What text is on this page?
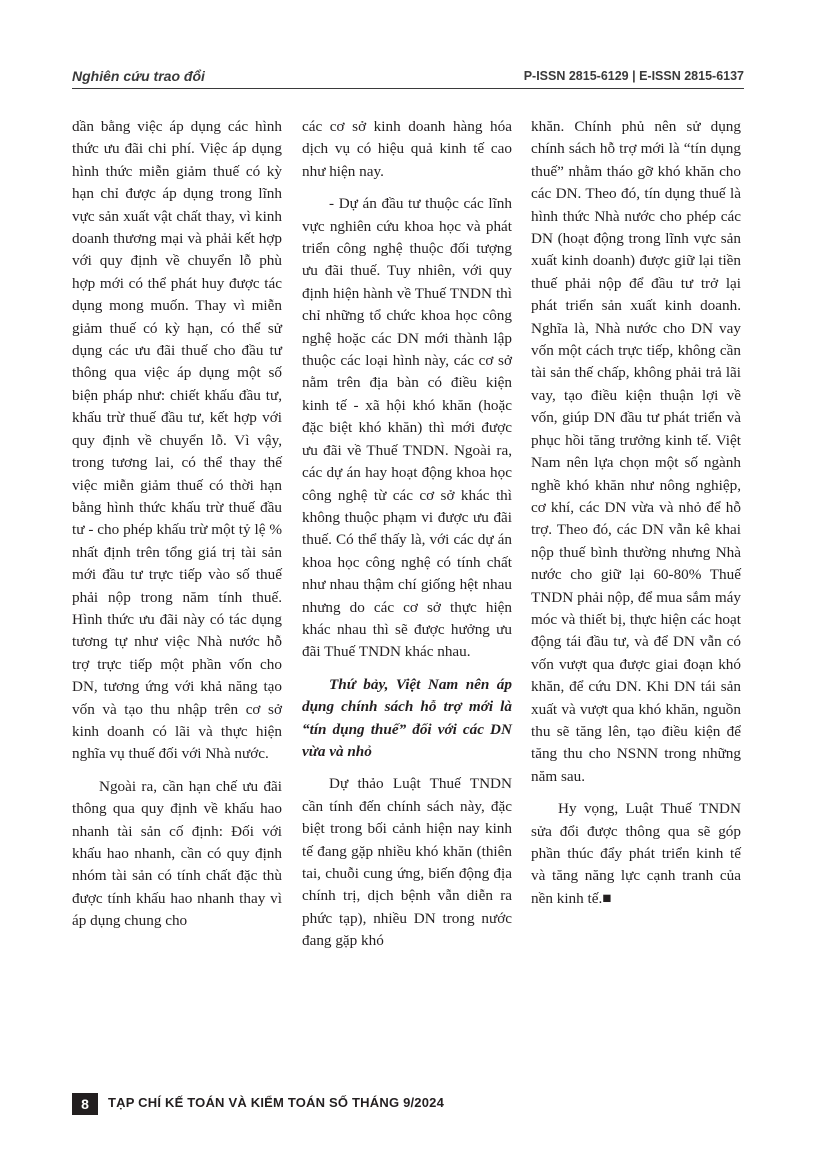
Nghiên cứu trao đổi	P-ISSN 2815-6129 | E-ISSN 2815-6137

dần bằng việc áp dụng các hình thức ưu đãi chi phí. Việc áp dụng hình thức miễn giảm thuế có kỳ hạn chỉ được áp dụng trong lĩnh vực sản xuất vật chất thay, vì kinh doanh thương mại và phải kết hợp với quy định về chuyển lỗ phù hợp mới có thể phát huy được tác dụng mong muốn. Thay vì miễn giảm thuế có kỳ hạn, có thể sử dụng các ưu đãi thuế cho đầu tư thông qua việc áp dụng một số biện pháp như: chiết khấu đầu tư, khấu trừ thuế đầu tư, kết hợp với quy định về chuyển lỗ. Vì vậy, trong tương lai, có thể thay thế việc miễn giảm thuế có thời hạn bằng hình thức khấu trừ thuế đầu tư - cho phép khấu trừ một tỷ lệ % nhất định trên tổng giá trị tài sản mới đầu tư trực tiếp vào số thuế phải nộp trong năm tính thuế. Hình thức ưu đãi này có tác dụng tương tự như việc Nhà nước hỗ trợ trực tiếp một phần vốn cho DN, tương ứng với khả năng tạo vốn và tạo thu nhập trên cơ sở kinh doanh có lãi và thực hiện nghĩa vụ thuế đối với Nhà nước.

Ngoài ra, cần hạn chế ưu đãi thông qua quy định về khấu hao nhanh tài sản cố định: Đối với khấu hao nhanh, cần có quy định nhóm tài sản có tính chất đặc thù được tính khấu hao nhanh thay vì áp dụng chung cho

các cơ sở kinh doanh hàng hóa dịch vụ có hiệu quả kinh tế cao như hiện nay.

- Dự án đầu tư thuộc các lĩnh vực nghiên cứu khoa học và phát triển công nghệ thuộc đối tượng ưu đãi thuế. Tuy nhiên, với quy định hiện hành về Thuế TNDN thì chỉ những tổ chức khoa học công nghệ hoặc các DN mới thành lập thuộc các loại hình này, các cơ sở nằm trên địa bàn có điều kiện kinh tế - xã hội khó khăn (hoặc đặc biệt khó khăn) thì mới được ưu đãi về Thuế TNDN. Ngoài ra, các dự án hay hoạt động khoa học công nghệ từ các cơ sở khác thì không thuộc phạm vi được ưu đãi thuế. Có thể thấy là, với các dự án khoa học công nghệ có tính chất như nhau thậm chí giống hệt nhau nhưng do các cơ sở thực hiện khác nhau thì sẽ được hưởng ưu đãi Thuế TNDN khác nhau.

Thứ bảy, Việt Nam nên áp dụng chính sách hỗ trợ mới là “tín dụng thuế” đối với các DN vừa và nhỏ

Dự thảo Luật Thuế TNDN cần tính đến chính sách này, đặc biệt trong bối cảnh hiện nay kinh tế đang gặp nhiều khó khăn (thiên tai, chuỗi cung ứng, biến động địa chính trị, dịch bệnh vẫn diễn ra phức tạp), nhiều DN trong nước đang gặp khó

khăn. Chính phủ nên sử dụng chính sách hỗ trợ mới là “tín dụng thuế” nhằm tháo gỡ khó khăn cho các DN. Theo đó, tín dụng thuế là hình thức Nhà nước cho phép các DN (hoạt động trong lĩnh vực sản xuất kinh doanh) được giữ lại tiền thuế phải nộp để đầu tư trở lại phát triển sản xuất kinh doanh. Nghĩa là, Nhà nước cho DN vay vốn một cách trực tiếp, không cần tài sản thế chấp, không phải trả lãi vay, tạo điều kiện thuận lợi về vốn, giúp DN đầu tư phát triển và phục hồi tăng trưởng kinh tế. Việt Nam nên lựa chọn một số ngành nghề khó khăn như nông nghiệp, cơ khí, các DN vừa và nhỏ để hỗ trợ. Theo đó, các DN vẫn kê khai nộp thuế bình thường nhưng Nhà nước cho giữ lại 60-80% Thuế TNDN phải nộp, để mua sắm máy móc và thiết bị, thực hiện các hoạt động tái đầu tư, và để DN vẫn có vốn vượt qua được giai đoạn khó khăn, để cứu DN. Khi DN tái sản xuất và vượt qua khó khăn, nguồn thu sẽ tăng lên, tạo điều kiện để tăng thu cho NSNN trong những năm sau.

Hy vọng, Luật Thuế TNDN sửa đổi được thông qua sẽ góp phần thúc đẩy phát triển kinh tế và tăng năng lực cạnh tranh của nền kinh tế.■

8	TẠP CHÍ KẾ TOÁN VÀ KIỂM TOÁN SỐ THÁNG 9/2024
